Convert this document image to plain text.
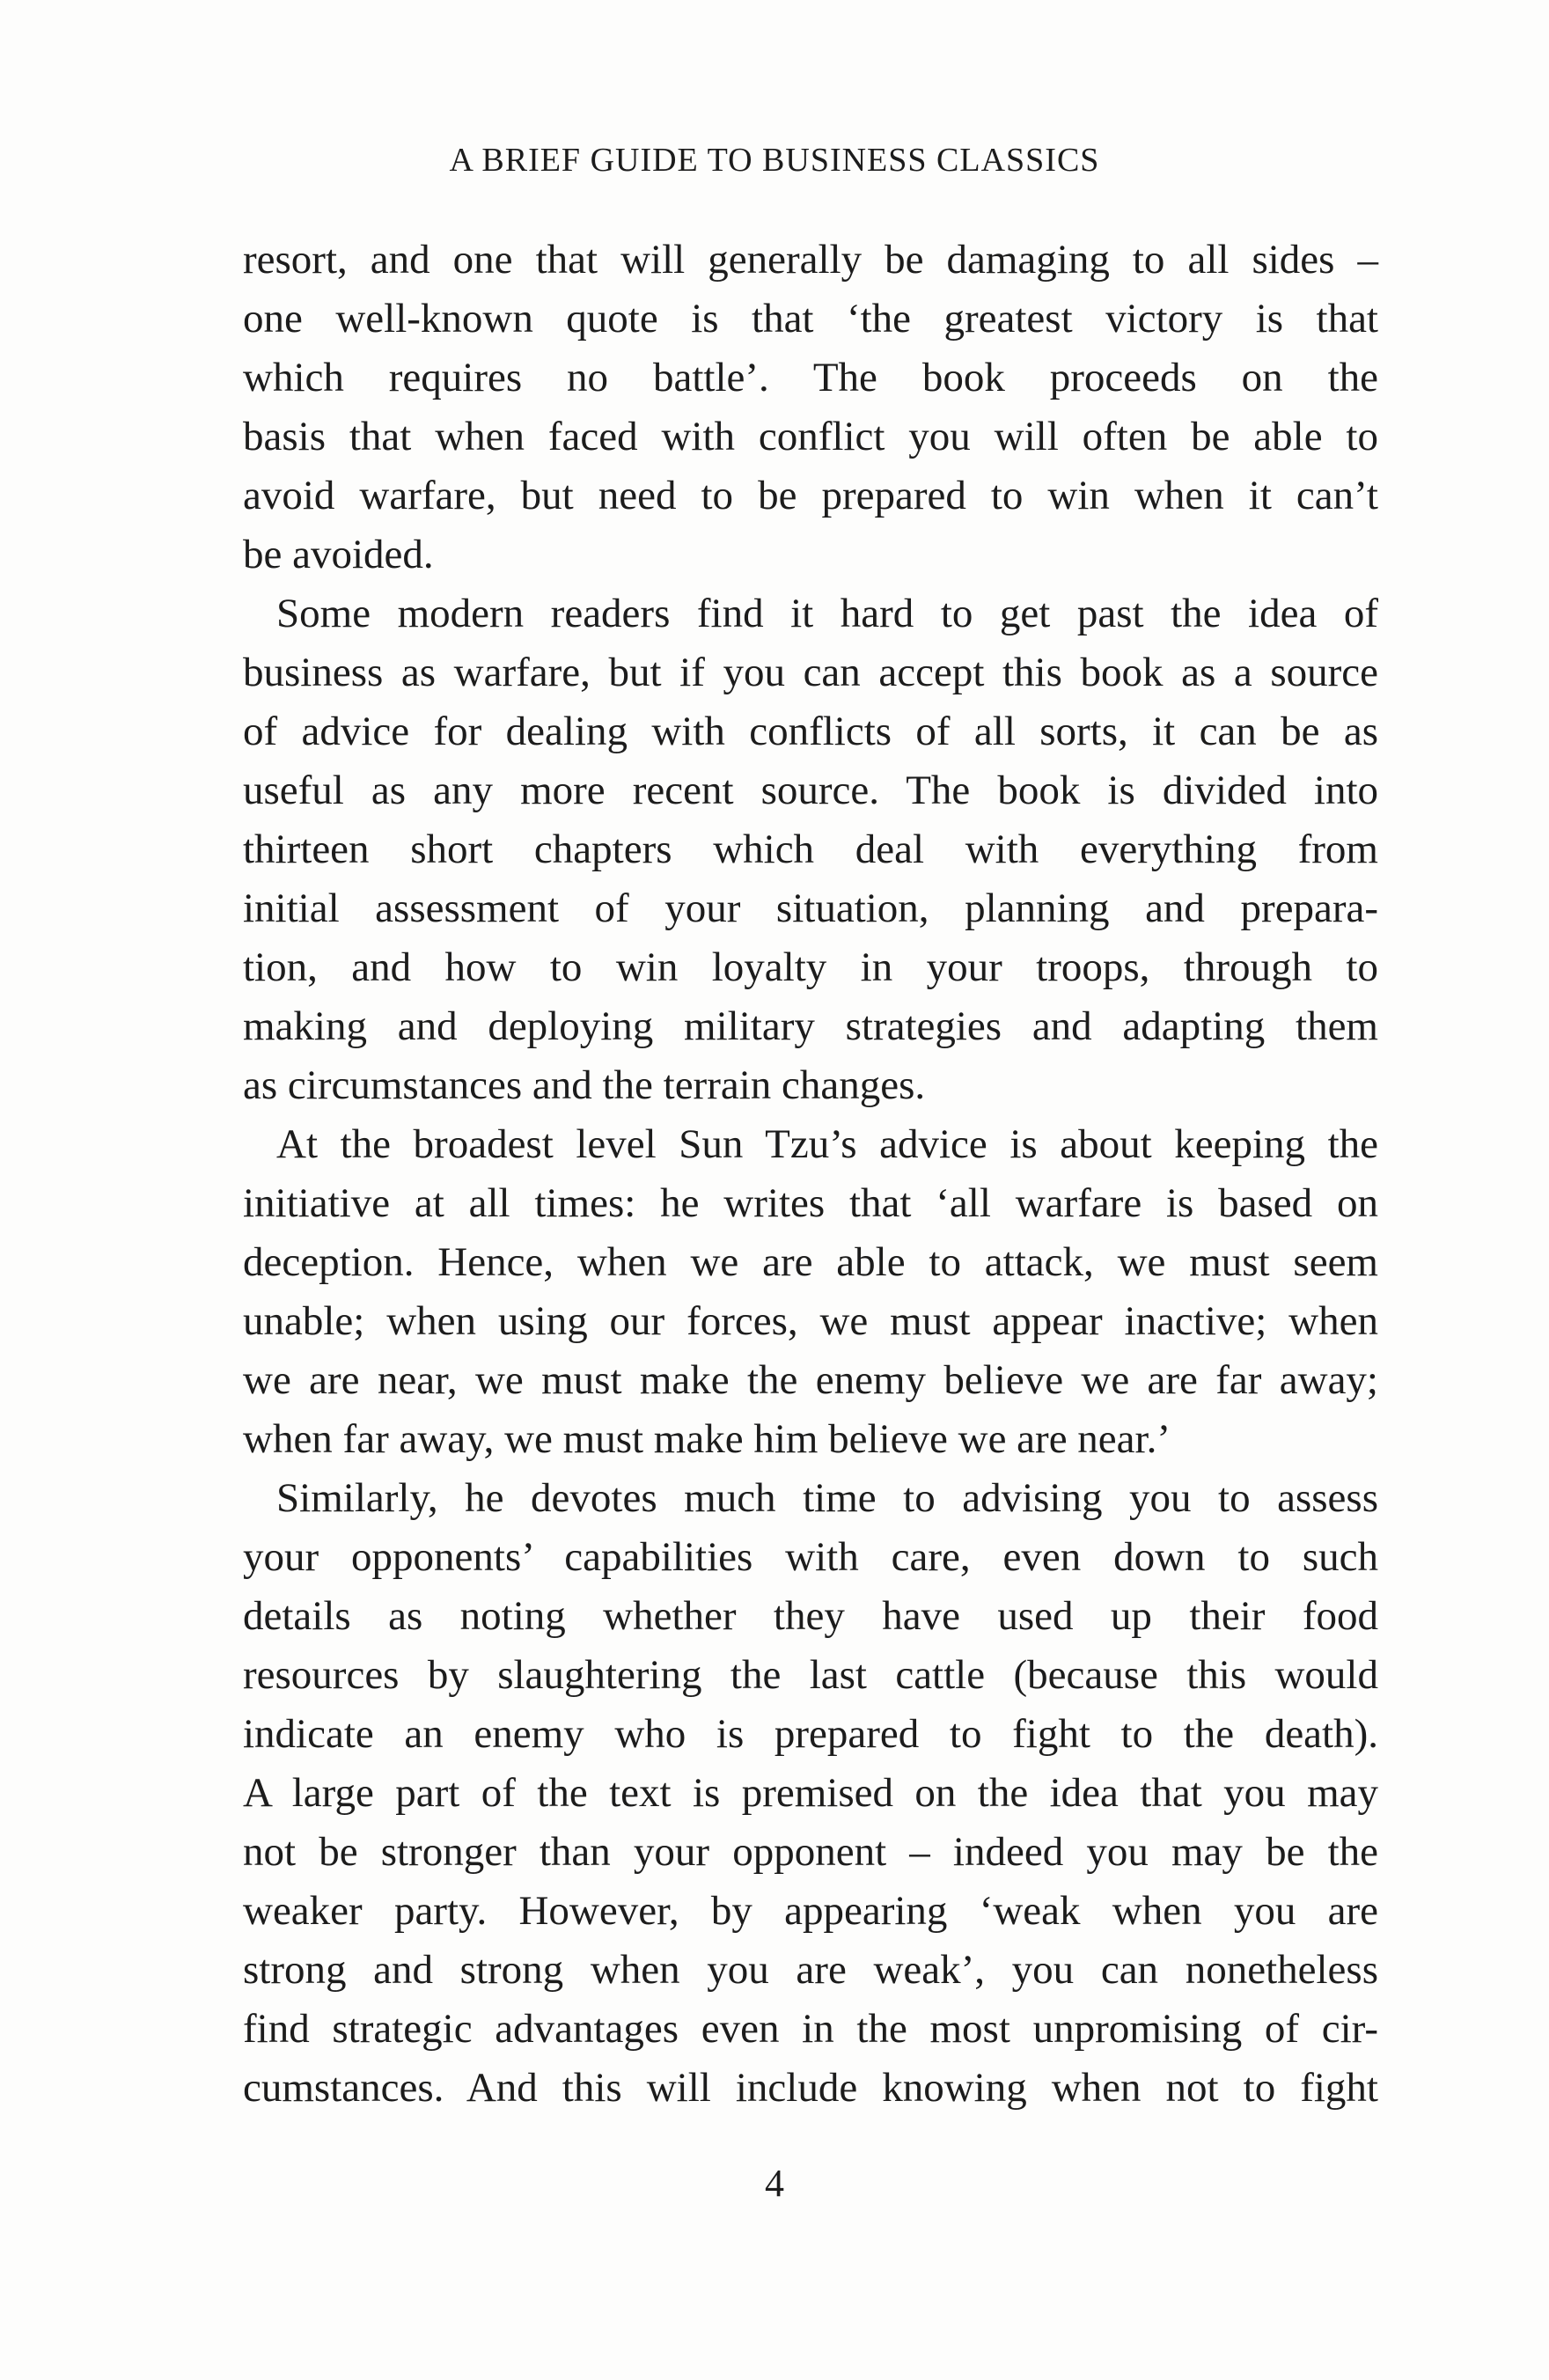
A BRIEF GUIDE TO BUSINESS CLASSICS
resort, and one that will generally be damaging to all sides –
one well-known quote is that ‘the greatest victory is that
which requires no battle’. The book proceeds on the
basis that when faced with conflict you will often be able to
avoid warfare, but need to be prepared to win when it can’t
be avoided.
Some modern readers find it hard to get past the idea of
business as warfare, but if you can accept this book as a source
of advice for dealing with conflicts of all sorts, it can be as
useful as any more recent source. The book is divided into
thirteen short chapters which deal with everything from
initial assessment of your situation, planning and prepara-
tion, and how to win loyalty in your troops, through to
making and deploying military strategies and adapting them
as circumstances and the terrain changes.
At the broadest level Sun Tzu’s advice is about keeping the
initiative at all times: he writes that ‘all warfare is based on
deception. Hence, when we are able to attack, we must seem
unable; when using our forces, we must appear inactive; when
we are near, we must make the enemy believe we are far away;
when far away, we must make him believe we are near.’
Similarly, he devotes much time to advising you to assess
your opponents’ capabilities with care, even down to such
details as noting whether they have used up their food
resources by slaughtering the last cattle (because this would
indicate an enemy who is prepared to fight to the death).
A large part of the text is premised on the idea that you may
not be stronger than your opponent – indeed you may be the
weaker party. However, by appearing ‘weak when you are
strong and strong when you are weak’, you can nonetheless
find strategic advantages even in the most unpromising of cir-
cumstances. And this will include knowing when not to fight
4
